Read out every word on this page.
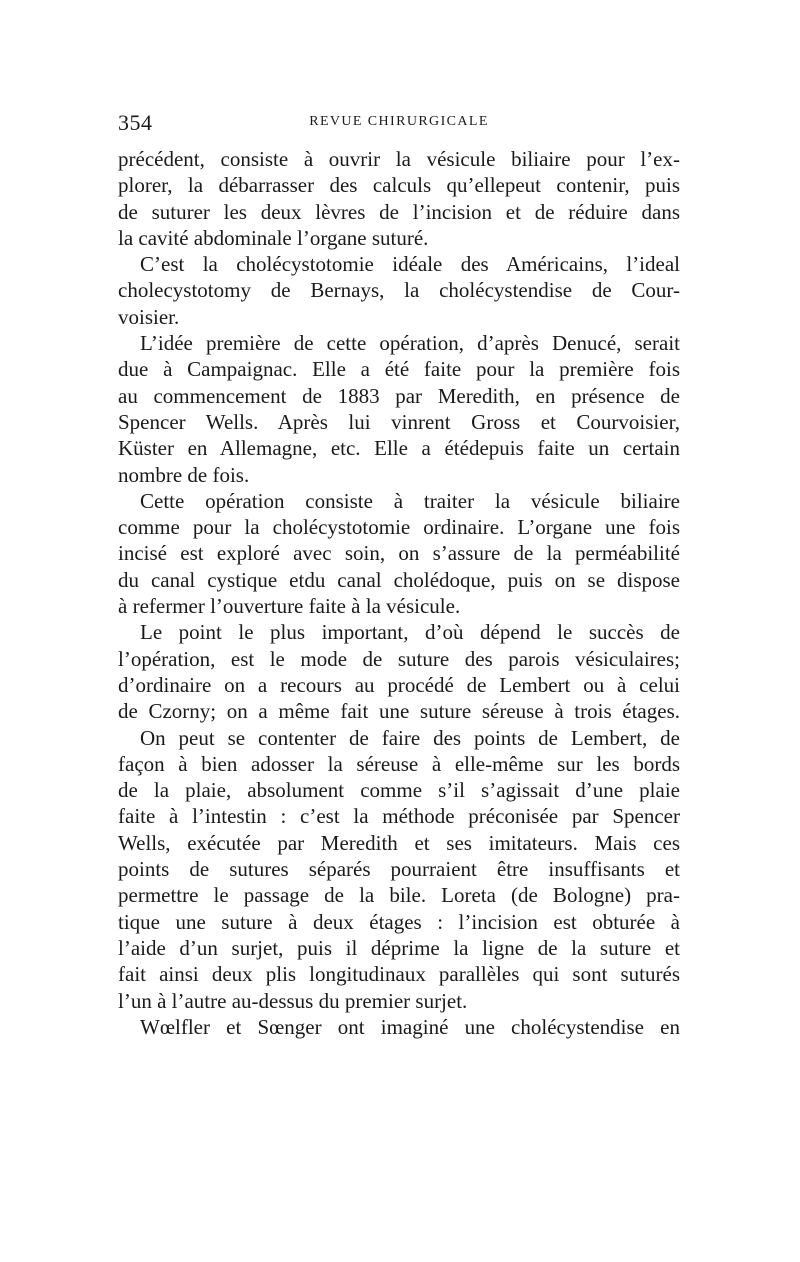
354	REVUE CHIRURGICALE
précédent, consiste à ouvrir la vésicule biliaire pour l’ex-
plorer, la débarrasser des calculs qu’ellepeut contenir, puis
de suturer les deux lèvres de l’incision et de réduire dans
la cavité abdominale l’organe suturé.
C’est la cholécystotomie idéale des Américains, l’ideal
cholecystotomy de Bernays, la cholécystendise de Cour-
voisier.
L’idée première de cette opération, d’après Denucé, serait
due à Campaignac. Elle a été faite pour la première fois
au commencement de 1883 par Meredith, en présence de
Spencer Wells. Après lui vinrent Gross et Courvoisier,
Küster en Allemagne, etc. Elle a étédepuis faite un certain
nombre de fois.
Cette opération consiste à traiter la vésicule biliaire
comme pour la cholécystotomie ordinaire. L’organe une fois
incisé est exploré avec soin, on s’assure de la perméabilité
du canal cystique etdu canal cholédoque, puis on se dispose
à refermer l’ouverture faite à la vésicule.
Le point le plus important, d’où dépend le succès de
l’opération, est le mode de suture des parois vésiculaires;
d’ordinaire on a recours au procédé de Lembert ou à celui
de Czorny; on a même fait une suture séreuse à trois étages.
On peut se contenter de faire des points de Lembert, de
façon à bien adosser la séreuse à elle-même sur les bords
de la plaie, absolument comme s’il s’agissait d’une plaie
faite à l’intestin : c’est la méthode préconisée par Spencer
Wells, exécutée par Meredith et ses imitateurs. Mais ces
points de sutures séparés pourraient être insuffisants et
permettre le passage de la bile. Loreta (de Bologne) pra-
tique une suture à deux étages : l’incision est obturée à
l’aide d’un surjet, puis il déprime la ligne de la suture et
fait ainsi deux plis longitudinaux parallèles qui sont suturés
l’un à l’autre au-dessus du premier surjet.
Wœlfler et Sœnger ont imaginé une cholécystendise en
